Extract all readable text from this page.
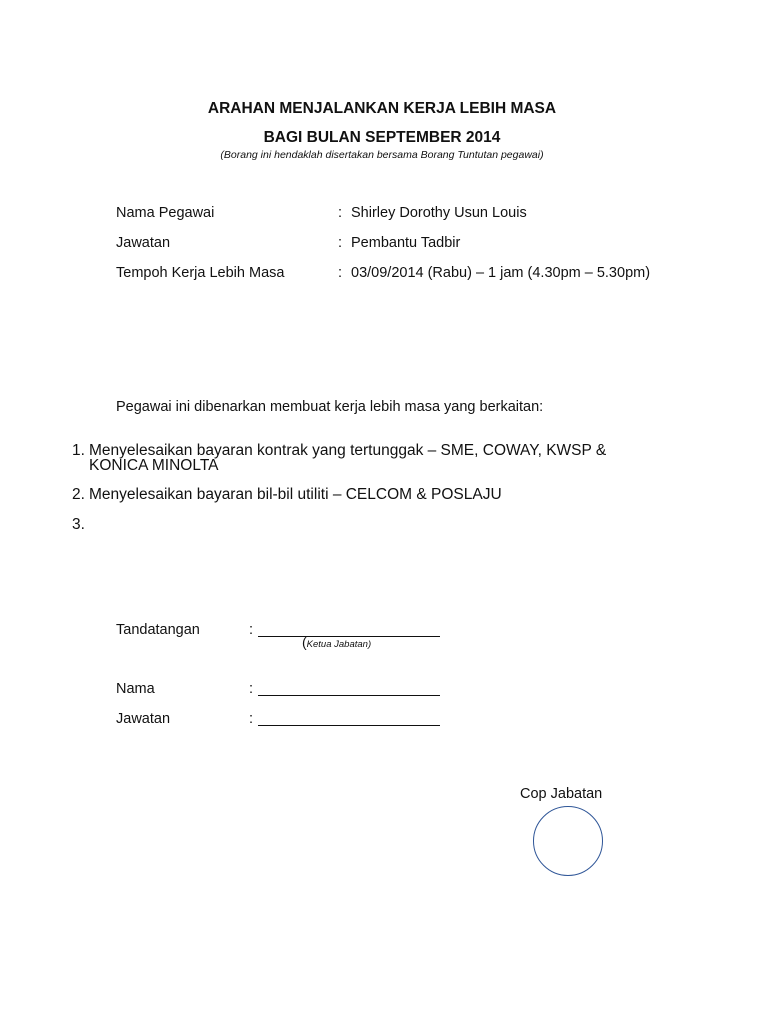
ARAHAN MENJALANKAN KERJA LEBIH MASA
BAGI BULAN SEPTEMBER 2014
(Borang ini hendaklah disertakan bersama Borang Tuntutan pegawai)
Nama Pegawai	: Shirley Dorothy Usun Louis
Jawatan	: Pembantu Tadbir
Tempoh Kerja Lebih Masa	: 03/09/2014 (Rabu) – 1 jam (4.30pm – 5.30pm)
Pegawai ini dibenarkan membuat kerja lebih masa yang berkaitan:
1. Menyelesaikan bayaran kontrak yang tertunggak – SME, COWAY, KWSP &
KONICA MINOLTA
2. Menyelesaikan bayaran bil-bil utiliti – CELCOM & POSLAJU
3.
Tandatangan	:
(Ketua Jabatan)
Nama	:
Jawatan	:
Cop Jabatan
